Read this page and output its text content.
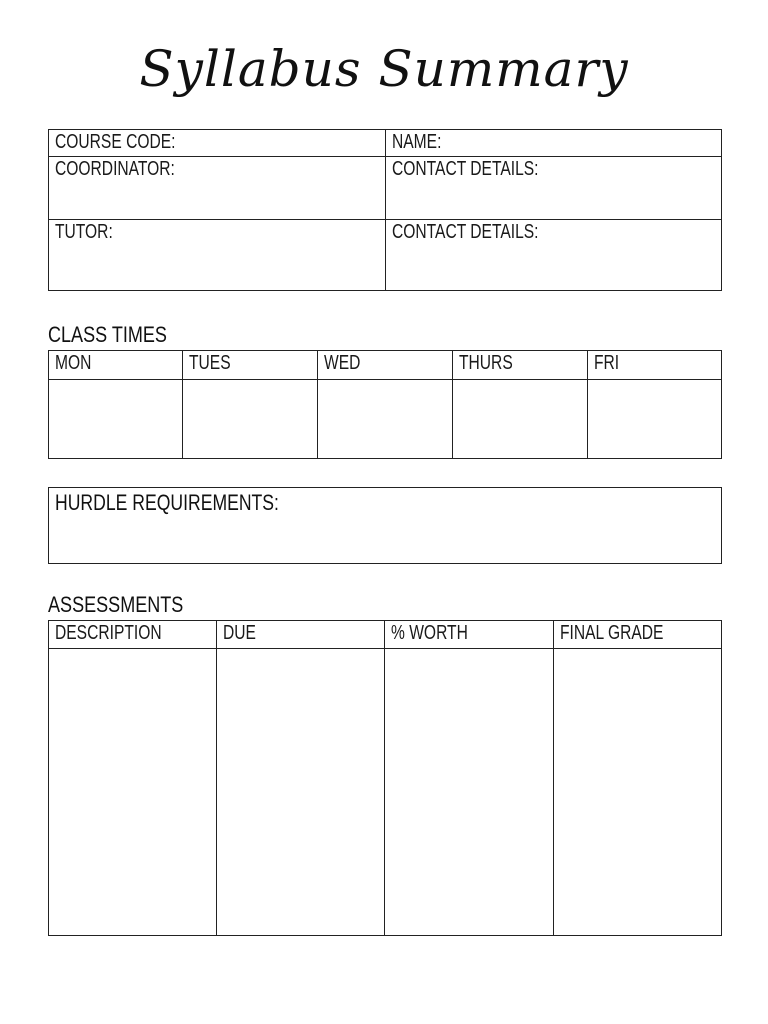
Syllabus Summary
COURSE CODE:	NAME:
COORDINATOR:	CONTACT DETAILS:
TUTOR:	CONTACT DETAILS:
CLASS TIMES
MON	TUES	WED	THURS	FRI
HURDLE REQUIREMENTS:
ASSESSMENTS
DESCRIPTION	DUE	% WORTH	FINAL GRADE
